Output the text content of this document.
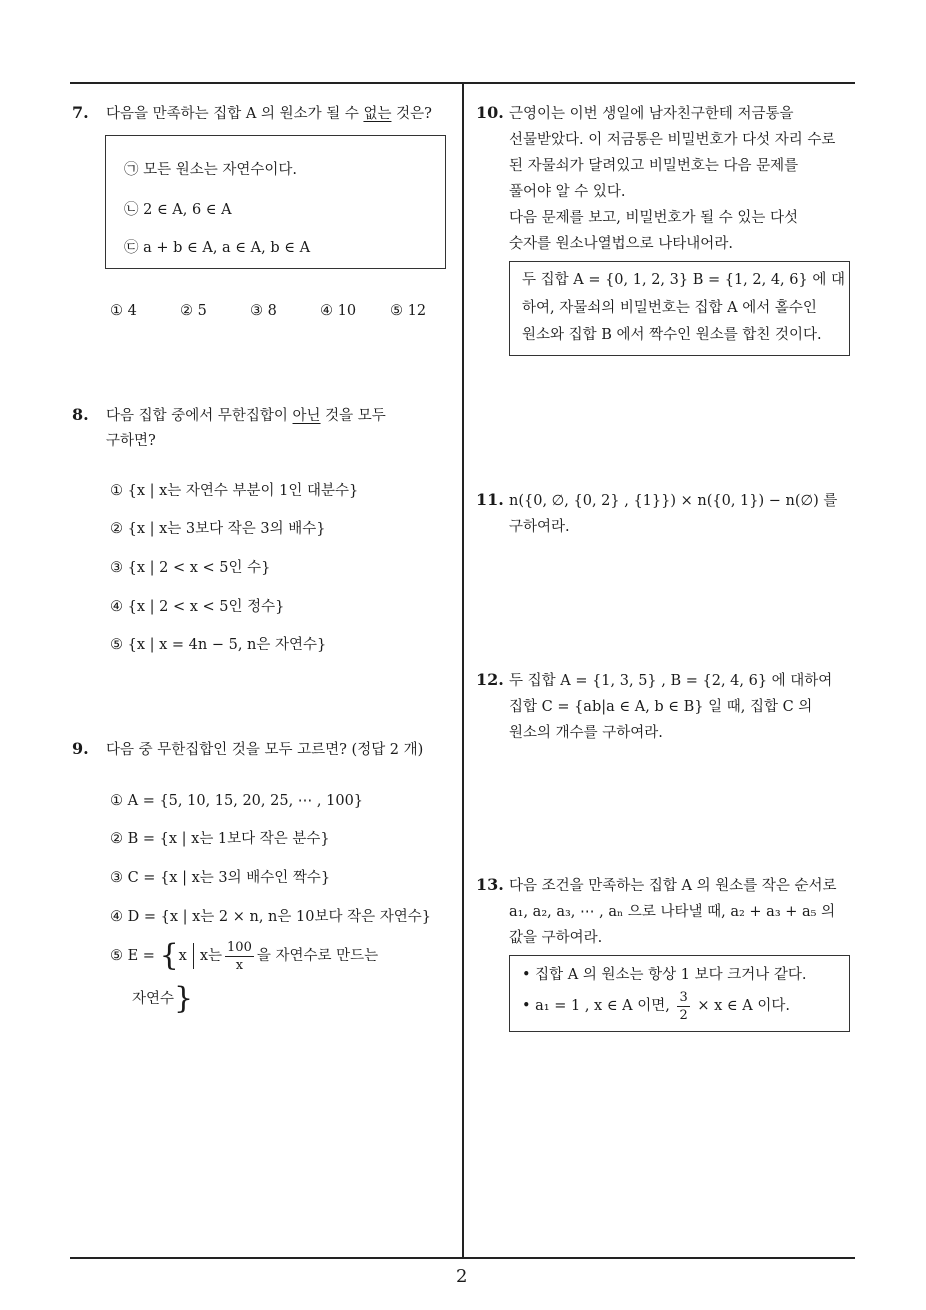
7. 다음을 만족하는 집합 A 의 원소가 될 수 없는 것은?
㉠ 모든 원소는 자연수이다.
㉡ 2 ∈ A, 6 ∈ A
㉢ a + b ∈ A, a ∈ A, b ∈ A
① 4	② 5	③ 8	④ 10 ⑤ 12
8. 다음 집합 중에서 무한집합이 아닌 것을 모두
구하면?
① {x | x는 자연수 부분이 1인 대분수}
② {x | x는 3보다 작은 3의 배수}
③ {x | 2 < x < 5인 수}
④ {x | 2 < x < 5인 정수}
⑤ {x | x = 4n − 5, n은 자연수}
9. 다음 중 무한집합인 것을 모두 고르면? (정답 2 개)
① A = {5, 10, 15, 20, 25, ⋯ , 100}
② B = {x | x는 1보다 작은 분수}
③ C = {x | x는 3의 배수인 짝수}
④ D = {x | x는 2 × n, n은 10보다 작은 자연수}
⑤ E = {x x는 $\frac{100}{x}$ 을 자연수로 만드는
자연수}
10. 근영이는 이번 생일에 남자친구한테 저금통을
선물받았다. 이 저금통은 비밀번호가 다섯 자리 수로
된 자물쇠가 달려있고 비밀번호는 다음 문제를
풀어야 알 수 있다.
다음 문제를 보고, 비밀번호가 될 수 있는 다섯
숫자를 원소나열법으로 나타내어라.
두 집합 A = {0, 1, 2, 3} B = {1, 2, 4, 6} 에 대
하여, 자물쇠의 비밀번호는 집합 A 에서 홀수인
원소와 집합 B 에서 짝수인 원소를 합친 것이다.
11. n({0, ∅, {0, 2} , {1}}) × n({0, 1}) − n(∅) 를
구하여라.
12. 두 집합 A = {1, 3, 5} , B = {2, 4, 6} 에 대하여
집합 C = {ab|a ∈ A, b ∈ B} 일 때, 집합 C 의
원소의 개수를 구하여라.
13. 다음 조건을 만족하는 집합 A 의 원소를 작은 순서로
a₁, a₂, a₃, ⋯ , aₙ 으로 나타낼 때, a₂ + a₃ + a₅ 의
값을 구하여라.
• 집합 A 의 원소는 항상 1 보다 크거나 같다.
• a₁ = 1 , x ∈ A 이면, $\frac{3}{2} \times x$ ∈ A 이다.
2
